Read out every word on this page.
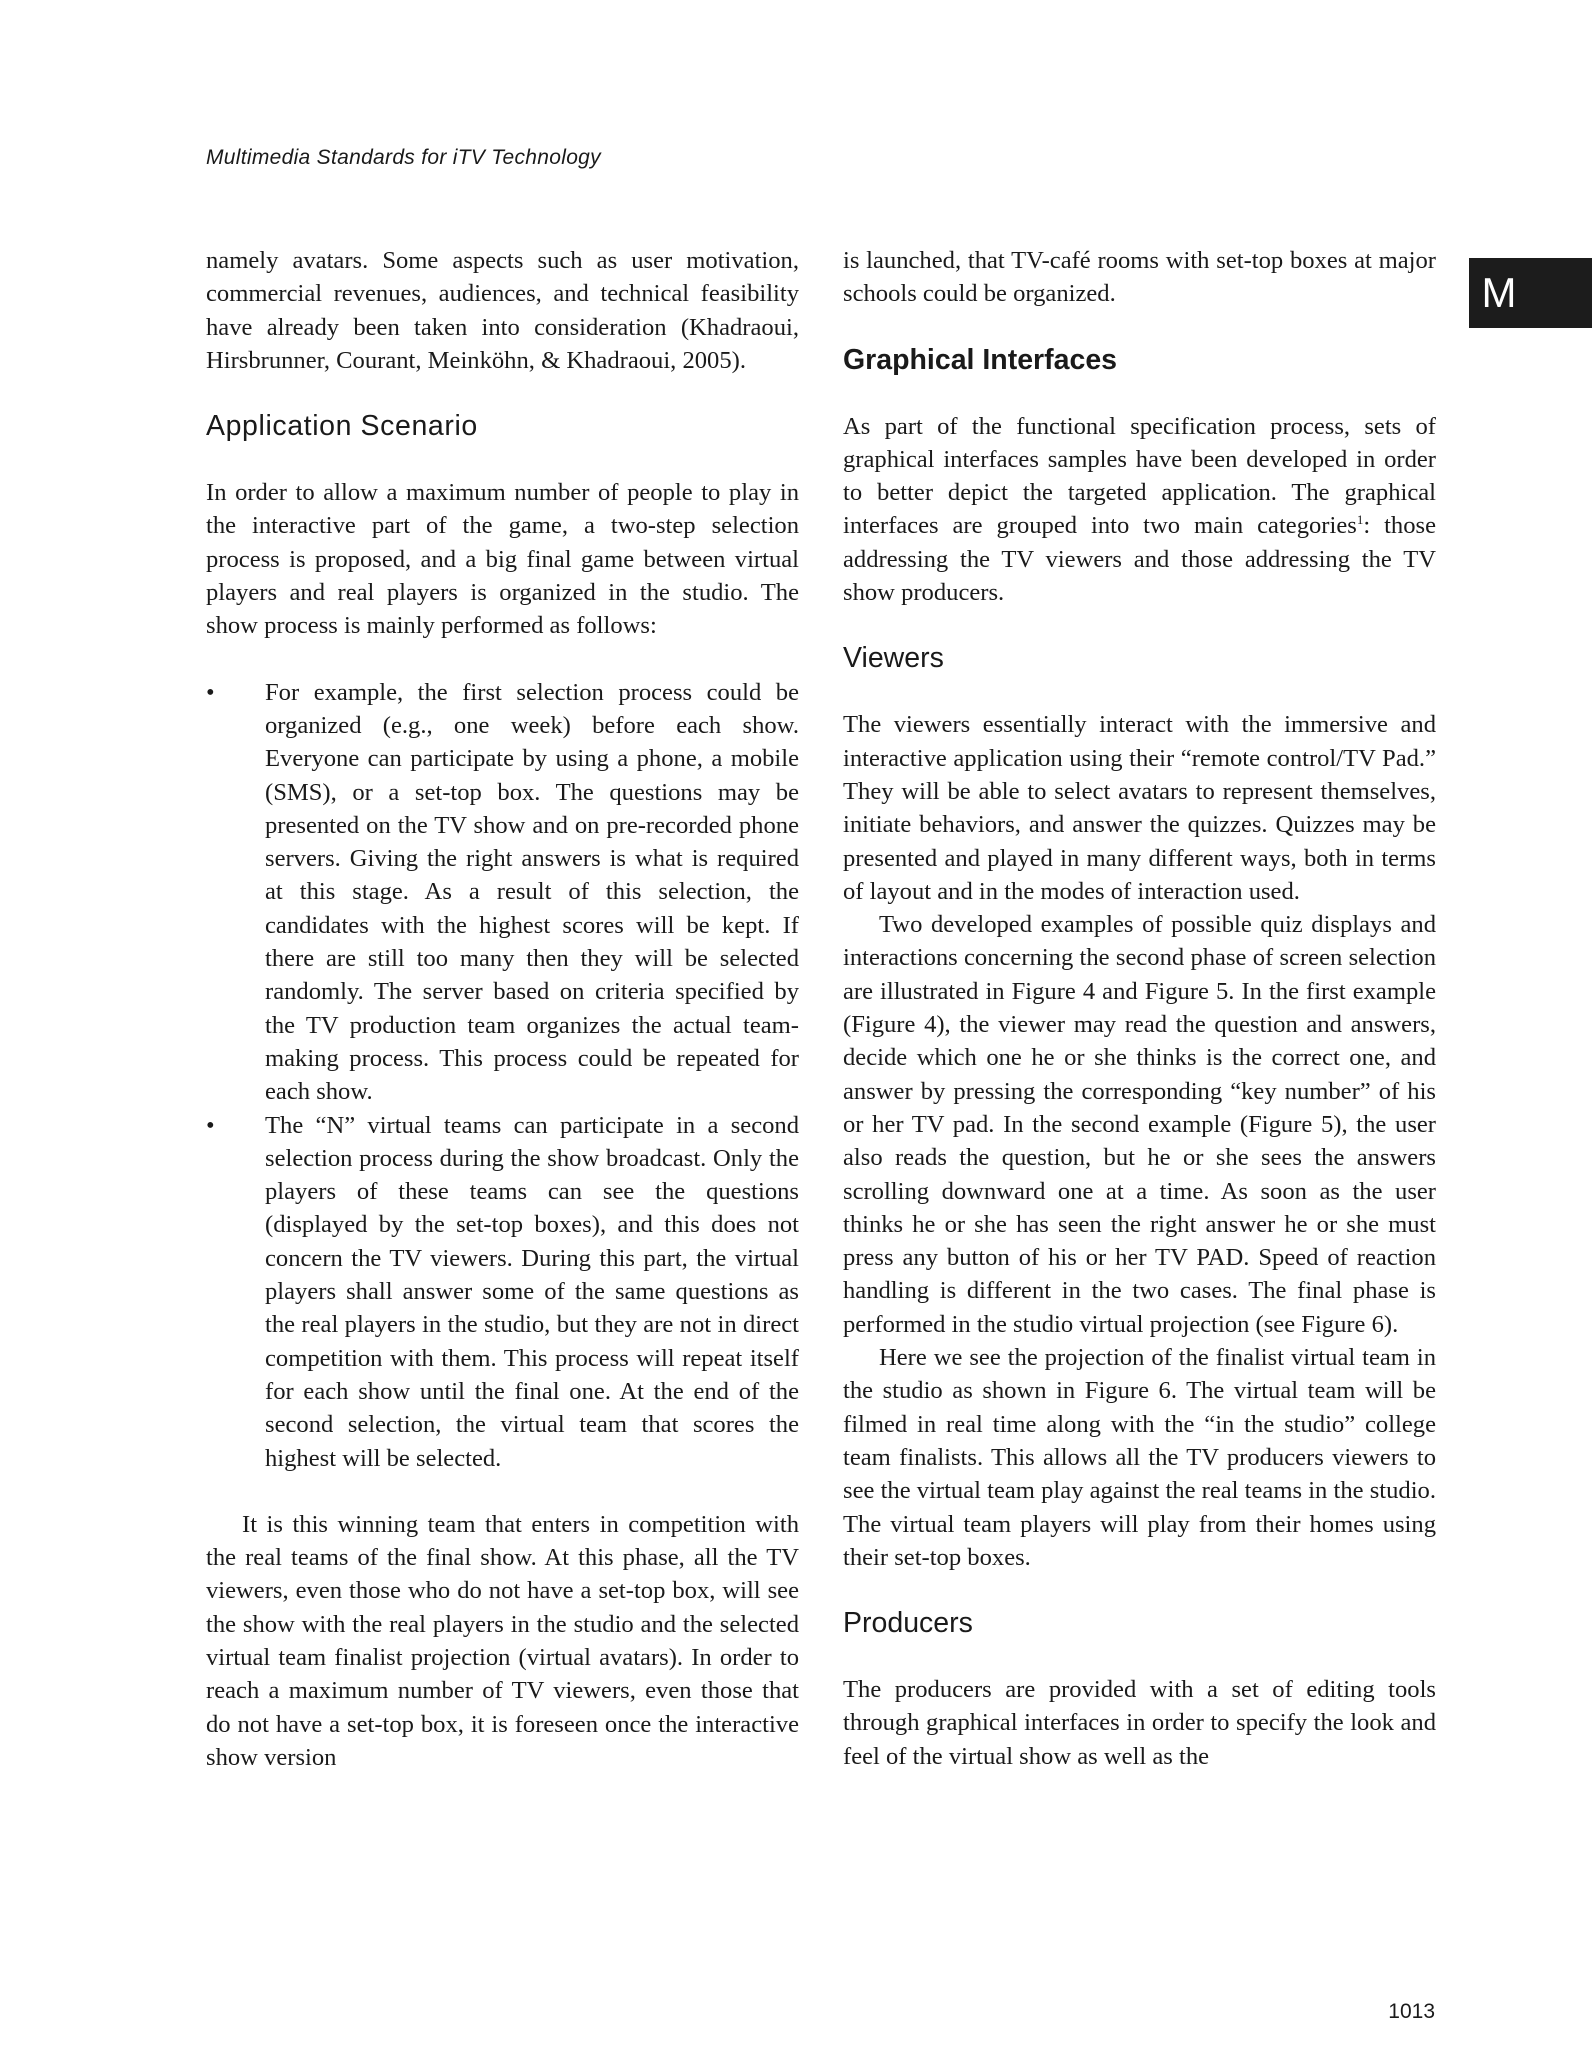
Multimedia Standards for iTV Technology
M

namely avatars. Some aspects such as user motivation, commercial revenues, audiences, and technical feasibility have already been taken into consideration (Khadraoui, Hirsbrunner, Courant, Meinköhn, & Khadraoui, 2005).

Application Scenario

In order to allow a maximum number of people to play in the interactive part of the game, a two-step selection process is proposed, and a big final game between virtual players and real players is organized in the studio. The show process is mainly performed as follows:

•	For example, the first selection process could be organized (e.g., one week) before each show. Everyone can participate by using a phone, a mobile (SMS), or a set-top box. The questions may be presented on the TV show and on pre-recorded phone servers. Giving the right answers is what is required at this stage. As a result of this selection, the candidates with the highest scores will be kept. If there are still too many then they will be selected randomly. The server based on criteria specified by the TV production team organizes the actual team-making process. This process could be repeated for each show.
•	The “N” virtual teams can participate in a second selection process during the show broadcast. Only the players of these teams can see the questions (displayed by the set-top boxes), and this does not concern the TV viewers. During this part, the virtual players shall answer some of the same questions as the real players in the studio, but they are not in direct competition with them. This process will repeat itself for each show until the final one. At the end of the second selection, the virtual team that scores the highest will be selected.

It is this winning team that enters in competition with the real teams of the final show. At this phase, all the TV viewers, even those who do not have a set-top box, will see the show with the real players in the studio and the selected virtual team finalist projection (virtual avatars). In order to reach a maximum number of TV viewers, even those that do not have a set-top box, it is foreseen once the interactive show version

is launched, that TV-café rooms with set-top boxes at major schools could be organized.

Graphical Interfaces

As part of the functional specification process, sets of graphical interfaces samples have been developed in order to better depict the targeted application. The graphical interfaces are grouped into two main categories$^1$: those addressing the TV viewers and those addressing the TV show producers.

Viewers

The viewers essentially interact with the immersive and interactive application using their “remote control/TV Pad.” They will be able to select avatars to represent themselves, initiate behaviors, and answer the quizzes. Quizzes may be presented and played in many different ways, both in terms of layout and in the modes of interaction used.

Two developed examples of possible quiz displays and interactions concerning the second phase of screen selection are illustrated in Figure 4 and Figure 5. In the first example (Figure 4), the viewer may read the question and answers, decide which one he or she thinks is the correct one, and answer by pressing the corresponding “key number” of his or her TV pad. In the second example (Figure 5), the user also reads the question, but he or she sees the answers scrolling downward one at a time. As soon as the user thinks he or she has seen the right answer he or she must press any button of his or her TV PAD. Speed of reaction handling is different in the two cases. The final phase is performed in the studio virtual projection (see Figure 6).

Here we see the projection of the finalist virtual team in the studio as shown in Figure 6. The virtual team will be filmed in real time along with the “in the studio” college team finalists. This allows all the TV producers viewers to see the virtual team play against the real teams in the studio. The virtual team players will play from their homes using their set-top boxes.

Producers

The producers are provided with a set of editing tools through graphical interfaces in order to specify the look and feel of the virtual show as well as the

1013
